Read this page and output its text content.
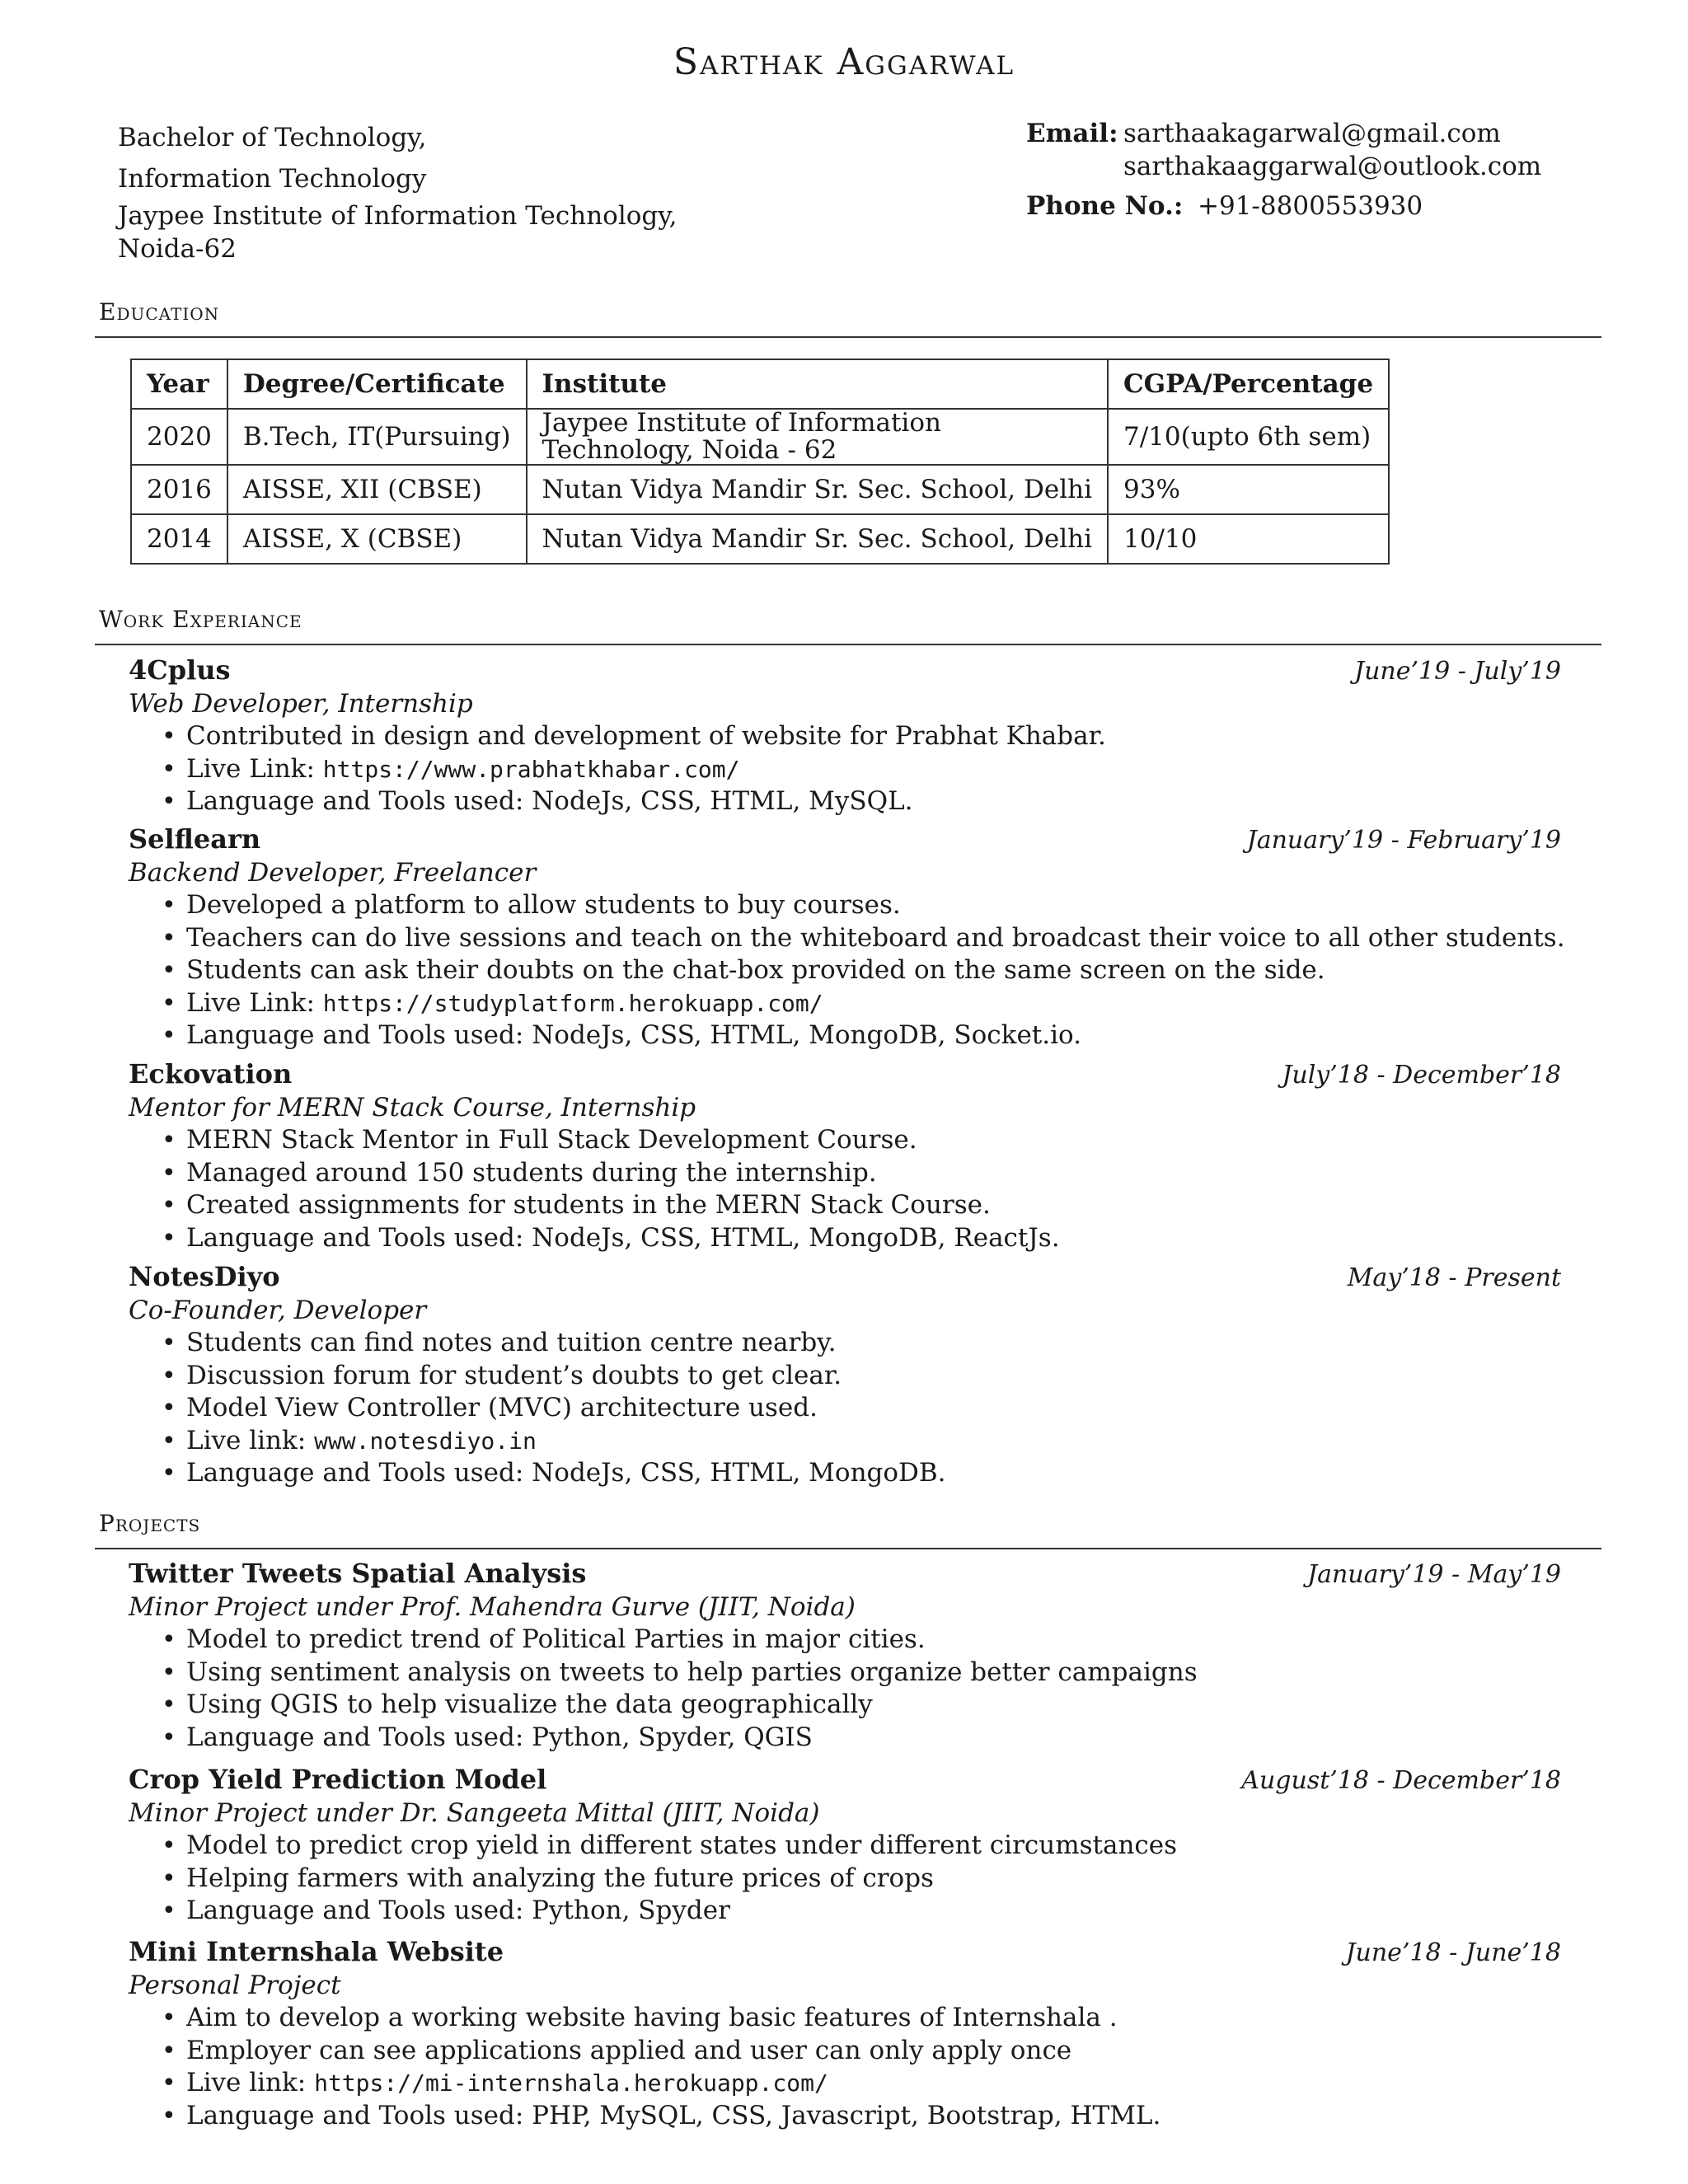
Sarthak Aggarwal
Bachelor of Technology,
Information Technology
Jaypee Institute of Information Technology,
Noida-62
Email: sarthaakagarwal@gmail.com
sarthakaaggarwal@outlook.com
Phone No.: +91-8800553930
Education
Year	Degree/Certificate	Institute	CGPA/Percentage
2020	B.Tech, IT(Pursuing)	Jaypee Institute of Information Technology, Noida - 62	7/10(upto 6th sem)
2016	AISSE, XII (CBSE)	Nutan Vidya Mandir Sr. Sec. School, Delhi	93%
2014	AISSE, X (CBSE)	Nutan Vidya Mandir Sr. Sec. School, Delhi	10/10
Work Experiance
4Cplus	June’19 - July’19
Web Developer, Internship
• Contributed in design and development of website for Prabhat Khabar.
• Live Link: https://www.prabhatkhabar.com/
• Language and Tools used: NodeJs, CSS, HTML, MySQL.
Selflearn	January’19 - February’19
Backend Developer, Freelancer
• Developed a platform to allow students to buy courses.
• Teachers can do live sessions and teach on the whiteboard and broadcast their voice to all other students.
• Students can ask their doubts on the chat-box provided on the same screen on the side.
• Live Link: https://studyplatform.herokuapp.com/
• Language and Tools used: NodeJs, CSS, HTML, MongoDB, Socket.io.
Eckovation	July’18 - December’18
Mentor for MERN Stack Course, Internship
• MERN Stack Mentor in Full Stack Development Course.
• Managed around 150 students during the internship.
• Created assignments for students in the MERN Stack Course.
• Language and Tools used: NodeJs, CSS, HTML, MongoDB, ReactJs.
NotesDiyo	May’18 - Present
Co-Founder, Developer
• Students can find notes and tuition centre nearby.
• Discussion forum for student’s doubts to get clear.
• Model View Controller (MVC) architecture used.
• Live link: www.notesdiyo.in
• Language and Tools used: NodeJs, CSS, HTML, MongoDB.
Projects
Twitter Tweets Spatial Analysis	January’19 - May’19
Minor Project under Prof. Mahendra Gurve (JIIT, Noida)
• Model to predict trend of Political Parties in major cities.
• Using sentiment analysis on tweets to help parties organize better campaigns
• Using QGIS to help visualize the data geographically
• Language and Tools used: Python, Spyder, QGIS
Crop Yield Prediction Model	August’18 - December’18
Minor Project under Dr. Sangeeta Mittal (JIIT, Noida)
• Model to predict crop yield in different states under different circumstances
• Helping farmers with analyzing the future prices of crops
• Language and Tools used: Python, Spyder
Mini Internshala Website	June’18 - June’18
Personal Project
• Aim to develop a working website having basic features of Internshala .
• Employer can see applications applied and user can only apply once
• Live link: https://mi-internshala.herokuapp.com/
• Language and Tools used: PHP, MySQL, CSS, Javascript, Bootstrap, HTML.
